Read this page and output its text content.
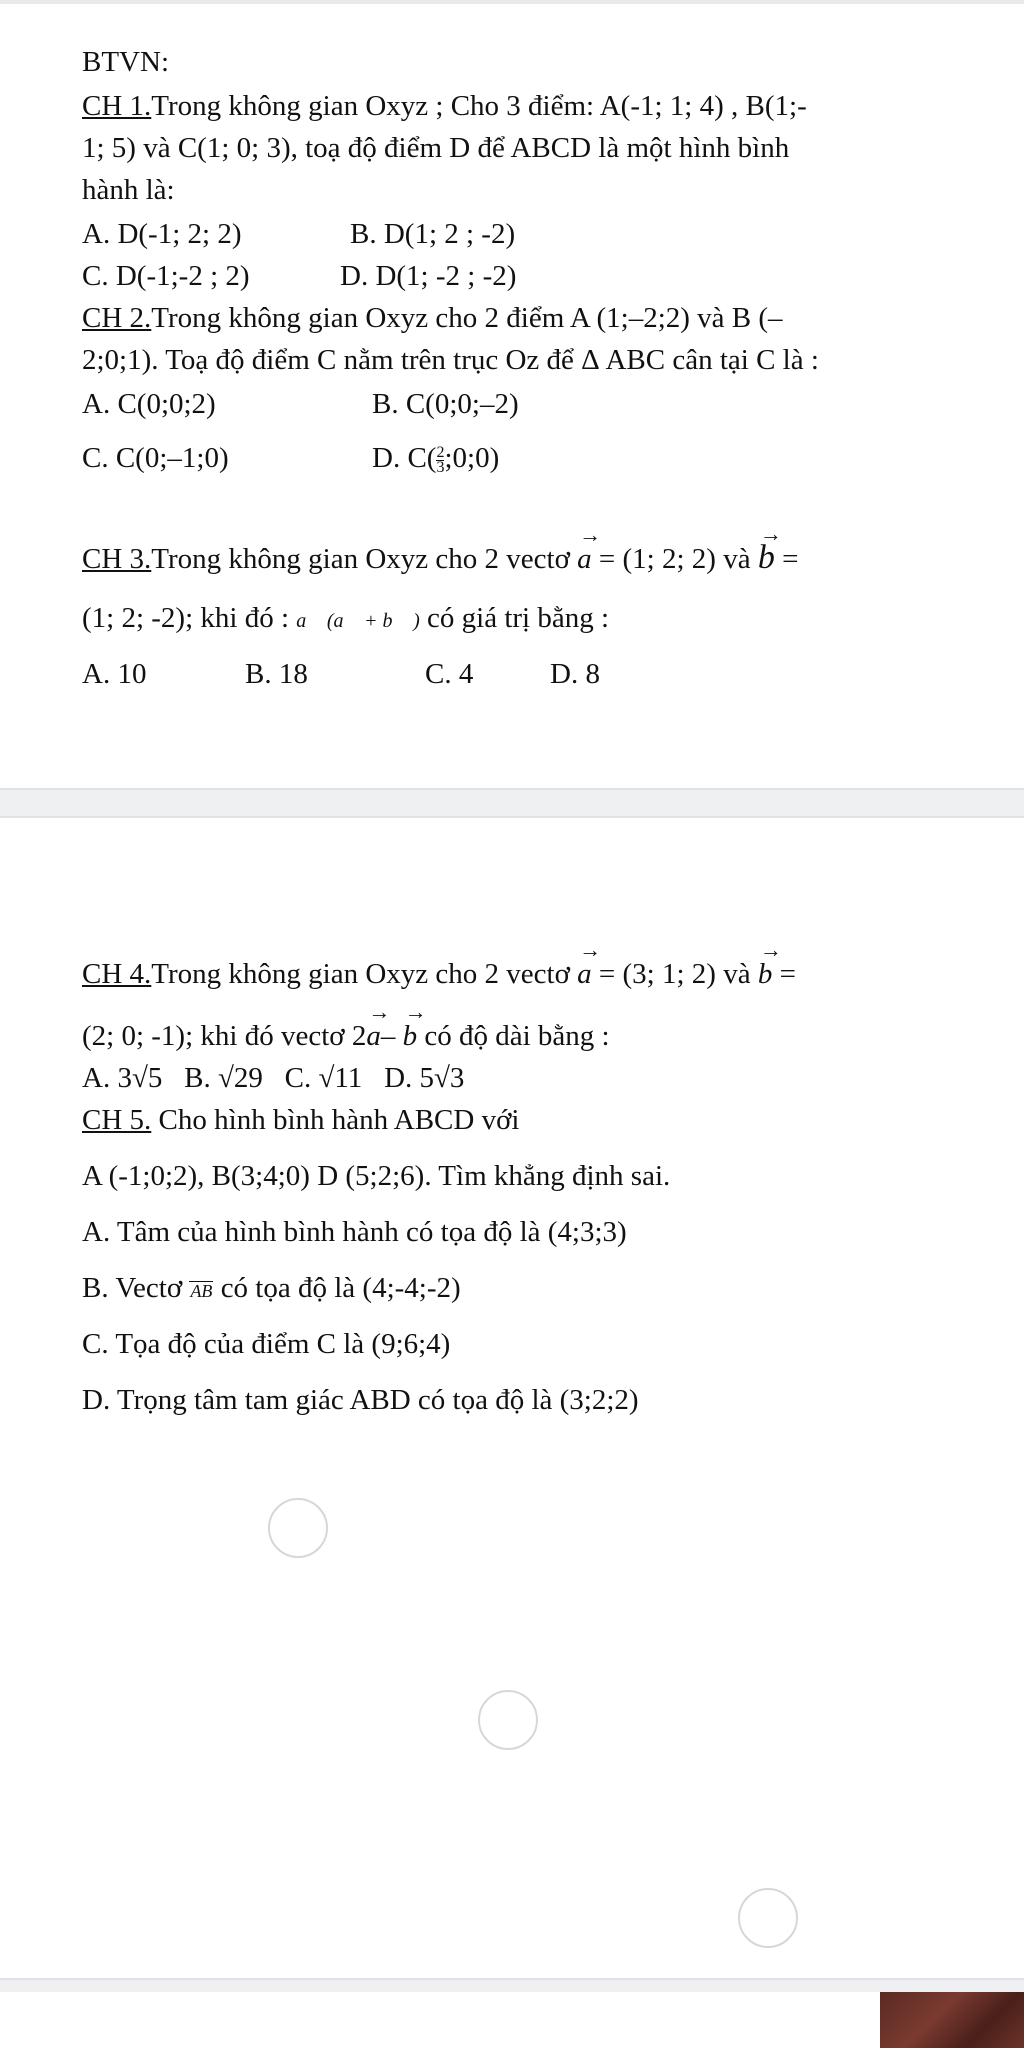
BTVN:
CH 1.Trong không gian Oxyz ; Cho 3 điểm: A(-1; 1; 4) , B(1;-
1; 5) và C(1; 0; 3), toạ độ điểm D để ABCD là một hình bình
hành là:
A. D(-1; 2; 2)	B. D(1; 2 ; -2)
C. D(-1;-2 ; 2)	D. D(1; -2 ; -2)
CH 2.Trong không gian Oxyz cho 2 điểm A (1;–2;2) và B (–
2;0;1). Toạ độ điểm C nằm trên trục Oz để Δ ABC cân tại C là :
A. C(0;0;2)	B. C(0;0;–2)
C. C(0;–1;0)	D. $C( \frac{2}{3}$ ;0;0)
CH 3.Trong không gian Oxyz cho 2 vectơ → a = (1; 2; 2) và → b =
(1; 2; -2); khi đó : a⃗ (a⃗ + b⃗ ) có giá trị bằng :
A. 10	B. 18	C. 4	D. 8
CH 4.Trong không gian Oxyz cho 2 vectơ → a = (3; 1; 2) và → b =
(2; 0; -1); khi đó vectơ 2→ a– → b có độ dài bằng :
A. 3√5 B. √29 C. √11 D. 5√3
CH 5. Cho hình bình hành ABCD với
A (-1;0;2), B(3;4;0) D (5;2;6). Tìm khẳng định sai.
A. Tâm của hình bình hành có tọa độ là (4;3;3)
B. Vectơ AB có tọa độ là (4;-4;-2)
C. Tọa độ của điểm C là (9;6;4)
D. Trọng tâm tam giác ABD có tọa độ là (3;2;2)
